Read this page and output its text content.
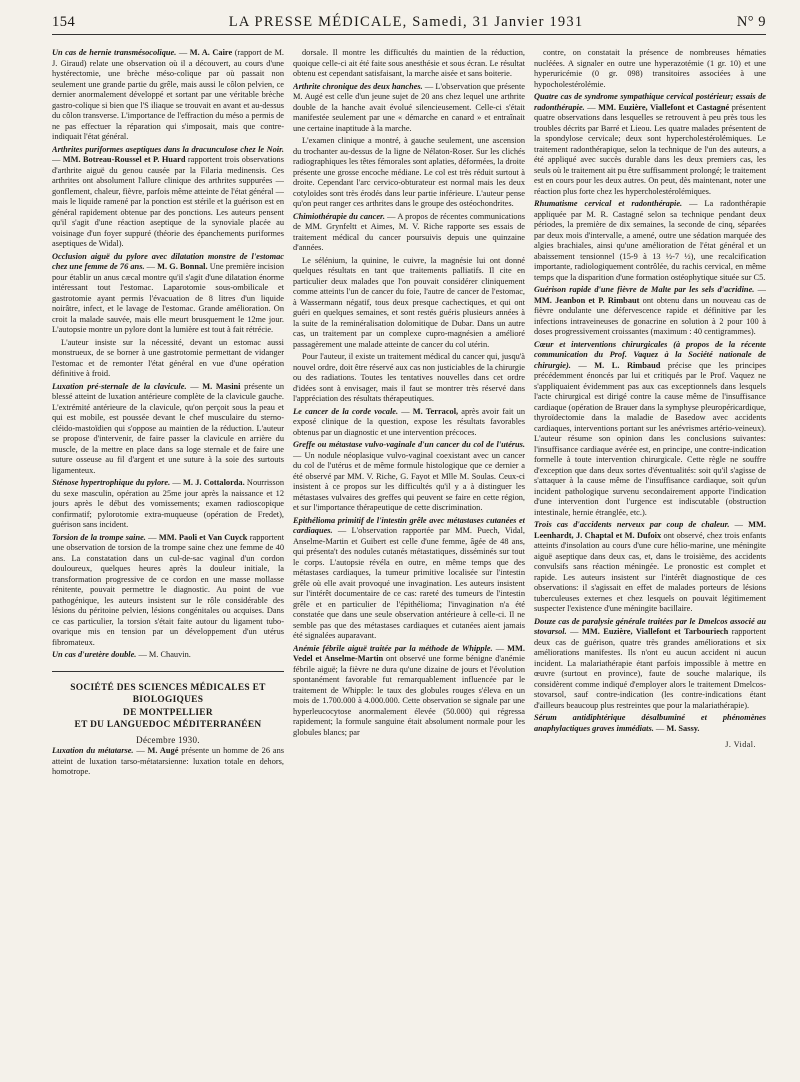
154	LA PRESSE MÉDICALE, Samedi, 31 Janvier 1931	N° 9

Un cas de hernie transmésocolique. — M. A. Caire (rapport de M. J. Giraud) relate une observation où il a découvert, au cours d'une hystérectomie, une brèche méso-colique par où passait non seulement une grande partie du grêle, mais aussi le côlon pelvien, ce dernier anormalement développé et sortant par une véritable brèche gastro-colique si bien que l'S iliaque se trouvait en avant et au-dessus du côlon transverse. L'importance de l'effraction du méso a permis de ne pas effectuer la réparation qui s'imposait, mais que contre-indiquait l'état général.

Arthrites puriformes aseptiques dans la dracunculose chez le Noir.— MM. Botreau-Roussel et P. Huard rapportent trois observations d'arthrite aiguë du genou causée par la Filaria medinensis. Ces arthrites ont absolument l'allure clinique des arthrites suppurées — gonflement, chaleur, fièvre, parfois même atteinte de l'état général — mais le liquide ramené par la ponction est stérile et la guérison est en général rapidement obtenue par des ponctions. Les auteurs pensent qu'il s'agit d'une réaction aseptique de la synoviale placée au voisinage d'un foyer suppuré (théorie des épanchements puriformes aseptiques de Widal).

Occlusion aiguë du pylore avec dilatation monstre de l'estomac chez une femme de 76 ans. — M. G. Bonnal. Une première incision pour établir un anus cæcal montre qu'il s'agit d'une dilatation énorme intéressant tout l'estomac. Laparotomie sous-ombilicale et gastrotomie ayant permis l'évacuation de 8 litres d'un liquide noirâtre, infect, et le lavage de l'estomac. Grande amélioration. On croit la malade sauvée, mais elle meurt brusquement le 12me jour. L'autopsie montre un pylore dont la lumière est tout à fait rétrécie.

L'auteur insiste sur la nécessité, devant un estomac aussi monstrueux, de se borner à une gastrotomie permettant de vidanger l'estomac et de remonter l'état général en vue d'une opération définitive à froid.

Luxation pré-sternale de la clavicule. — M. Masini présente un blessé atteint de luxation antérieure complète de la clavicule gauche. L'extrémité antérieure de la clavicule, qu'on perçoit sous la peau et qui est mobile, est poussée devant le chef musculaire du sterno-cléido-mastoïdien qui s'oppose au maintien de la réduction. L'auteur se propose d'intervenir, de faire passer la clavicule en arrière du muscle, de la mettre en place dans sa loge sternale et de faire une suture osseuse au fil d'argent et une suture à la soie des surtouts ligamenteux.

Sténose hypertrophique du pylore. — M. J. Cottalorda. Nourrisson du sexe masculin, opération au 25me jour après la naissance et 12 jours après le début des vomissements; examen radioscopique confirmatif; pylorotomie extra-muqueuse (opération de Fredet), guérison sans incident.

Torsion de la trompe saine. — MM. Paoli et Van Cuyck rapportent une observation de torsion de la trompe saine chez une femme de 40 ans. La constatation dans un cul-de-sac vaginal d'un cordon douloureux, quelques heures après la douleur initiale, la transformation progressive de ce cordon en une masse mollasse rénitente, pouvait permettre le diagnostic. Au point de vue pathogénique, les auteurs insistent sur le rôle considérable des lésions du péritoine pelvien, lésions congénitales ou acquises. Dans ce cas particulier, la torsion s'était faite autour du ligament tubo-ovarique mis en tension par un développement d'un utérus fibromateux.

Un cas d'uretère double. — M. Chauvin.

SOCIÉTÉ DES SCIENCES MÉDICALES ET BIOLOGIQUES
DE MONTPELLIER
ET DU LANGUEDOC MÉDITERRANÉEN
Décembre 1930.

Luxation du métatarse. — M. Augé présente un homme de 26 ans atteint de luxation tarso-métatarsienne: luxation totale en dehors, homotrope.

dorsale. Il montre les difficultés du maintien de la réduction, quoique celle-ci ait été faite sous anesthésie et sous écran. Le résultat obtenu est cependant satisfaisant, la marche aisée et sans boiterie.

Arthrite chronique des deux hanches. — L'observation que présente M. Augé est celle d'un jeune sujet de 20 ans chez lequel une arthrite double de la hanche avait évolué silencieusement. Celle-ci s'était manifestée seulement par une « démarche en canard » et entraînait une certaine inaptitude à la marche.

L'examen clinique a montré, à gauche seulement, une ascension du trochanter au-dessus de la ligne de Nélaton-Roser. Sur les clichés radiographiques les têtes fémorales sont aplaties, déformées, la droite présente une grosse encoche médiane. Le col est très réduit surtout à droite. Cependant l'arc cervico-obturateur est normal mais les deux cotyloïdes sont très érodés dans leur partie inférieure. L'auteur pense qu'on peut ranger ces arthrites dans le groupe des ostéochondrites.

Chimiothérapie du cancer. — A propos de récentes communications de MM. Grynfeltt et Aimes, M. V. Riche rapporte ses essais de traitement médical du cancer poursuivis depuis une quinzaine d'années.

Le sélénium, la quinine, le cuivre, la magnésie lui ont donné quelques résultats en tant que traitements palliatifs. Il cite en particulier deux malades que l'on pouvait considérer cliniquement comme atteints l'un de cancer du foie, l'autre de cancer de l'estomac, à Wassermann négatif, tous deux presque cachectiques, et qui ont guéri en quelques semaines, et sont restés guéris plusieurs années à la suite de la reminéralisation dolomitique de Dubar. Dans un autre cas, un traitement par un complexe cupro-magnésien a amélioré passagèrement une malade atteinte de cancer du col utérin.

Pour l'auteur, il existe un traitement médical du cancer qui, jusqu'à nouvel ordre, doit être réservé aux cas non justiciables de la chirurgie ou des radiations. Toutes les tentatives nouvelles dans cet ordre d'idées sont à envisager, mais il faut se montrer très réservé dans l'appréciation des résultats thérapeutiques.

Le cancer de la corde vocale. — M. Terracol, après avoir fait un exposé clinique de la question, expose les résultats favorables obtenus par un diagnostic et une intervention précoces.

Greffe ou métastase vulvo-vaginale d'un cancer du col de l'utérus. — Un nodule néoplasique vulvo-vaginal coexistant avec un cancer du col de l'utérus et de même formule histologique que ce dernier a été observé par MM. V. Riche, G. Fayot et Mlle M. Soulas. Ceux-ci insistent à ce propos sur les difficultés qu'il y a à distinguer les métastases vulvaires des greffes qui peuvent se faire en cette région, et sur l'importance thérapeutique de cette discrimination.

Epithélioma primitif de l'intestin grêle avec métastases cutanées et cardiaques. — L'observation rapportée par MM. Puech, Vidal, Anselme-Martin et Guibert est celle d'une femme, âgée de 48 ans, qui présenta't des nodules cutanés métastatiques, disséminés sur tout le corps. L'autopsie révéla en outre, en même temps que des métastases cardiaques, la tumeur primitive localisée sur l'intestin grêle où elle avait provoqué une invagination. Les auteurs insistent sur l'intérêt documentaire de ce cas: rareté des tumeurs de l'intestin grêle et en particulier de l'épithélioma; l'invagination n'a été constatée que dans une seule observation antérieure à celle-ci. Il ne semble pas que des métastases cardiaques et cutanées aient jamais été signalées auparavant.

Anémie fébrile aiguë traitée par la méthode de Whipple. — MM. Vedel et Anselme-Martin ont observé une forme bénigne d'anémie fébrile aiguë; la fièvre ne dura qu'une dizaine de jours et l'évolution spontanément favorable fut remarquablement influencée par le traitement de Whipple: le taux des globules rouges s'éleva en un mois de 1.700.000 à 4.000.000. Cette observation se signale par une hyperleucocytose anormalement élevée (50.000) qui régressa rapidement; la formule sanguine était absolument normale pour les globules blancs; par

contre, on constatait la présence de nombreuses hématies nucléées. A signaler en outre une hyperazotémie (1 gr. 10) et une hyperuricémie (0 gr. 098) transitoires associées à une hypocholestérolémie.

Quatre cas de syndrome sympathique cervical postérieur; essais de radonthérapie. — MM. Euzière, Viallefont et Castagné présentent quatre observations dans lesquelles se retrouvent à peu près tous les troubles décrits par Barré et Lieou. Les quatre malades présentent de la spondylose cervicale; deux sont hypercholestérolémiques. Le traitement radonthérapique, selon la technique de l'un des auteurs, a été appliqué avec succès durable dans les deux premiers cas, les seuls où le traitement ait pu être suffisamment prolongé; le traitement est en cours pour les deux autres. On peut, dès maintenant, noter une réaction plus forte chez les hypercholestérolémiques.

Rhumatisme cervical et radonthérapie. — La radonthérapie appliquée par M. R. Castagné selon sa technique pendant deux périodes, la première de dix semaines, la seconde de cinq, séparées par deux mois d'intervalle, a amené, outre une sédation marquée des algies brachiales, ainsi qu'une amélioration de l'état général et un abaissement tensionnel (15-9 à 13 ½-7 ½), une recalcification importante, radiologiquement contrôlée, du rachis cervical, en même temps que la disparition d'une formation ostéophytique située sur C5.

Guérison rapide d'une fièvre de Malte par les sels d'acridine. — MM. Jeanbon et P. Rimbaut ont obtenu dans un nouveau cas de fièvre ondulante une défervescence rapide et définitive par les infections intraveineuses de gonacrine en solution à 2 pour 100 à doses progressivement croissantes (maximum : 40 centigrammes).

Cœur et interventions chirurgicales (à propos de la récente communication du Prof. Vaquez à la Société nationale de chirurgie). — M. L. Rimbaud précise que les principes précédemment énoncés par lui et critiqués par le Prof. Vaquez ne s'appliquaient évidemment pas aux cas exceptionnels dans lesquels l'acte chirurgical est dirigé contre la cause même de l'insuffisance cardiaque (opération de Brauer dans la symphyse pleuropéricardique, thyroïdectomie dans la maladie de Basedow avec accidents cardiaques, interventions portant sur les anévrismes artério-veineux). L'auteur résume son opinion dans les conclusions suivantes: l'insuffisance cardiaque avérée est, en principe, une contre-indication formelle à toute intervention chirurgicale. Cette règle ne souffre d'exception que dans deux sortes d'éventualités: soit qu'il s'agisse de s'attaquer à la cause même de l'insuffisance cardiaque, soit qu'un incident pathologique survenu secondairement apporte l'indication d'une intervention dont l'urgence est indiscutable (obstruction intestinale, hernie étranglée, etc.).

Trois cas d'accidents nerveux par coup de chaleur. — MM. Leenhardt, J. Chaptal et M. Dufoix ont observé, chez trois enfants atteints d'insolation au cours d'une cure hélio-marine, une méningite aiguë aseptique dans deux cas, et, dans le troisième, des accidents convulsifs sans réaction méningée. Le pronostic est complet et rapide. Les auteurs insistent sur l'intérêt diagnostique de ces observations: il s'agissait en effet de malades porteurs de lésions tuberculeuses externes et chez lesquels on pouvait légitimement suspecter l'existence d'une méningite bacillaire.

Douze cas de paralysie générale traitées par le Dmelcos associé au stovarsol. — MM. Euzière, Viallefont et Tarbouriech rapportent deux cas de guérison, quatre très grandes améliorations et six améliorations manifestes. Ils n'ont eu aucun accident ni aucun incident. La malariathérapie étant parfois impossible à mettre en œuvre (surtout en province), faute de souche malarique, ils considèrent comme indiqué d'employer alors le traitement Dmelcos-stovarsol, sauf contre-indication (les contre-indications étant d'ailleurs beaucoup plus restreintes que pour la malariathérapie).

Sérum antidiphtérique désalbuminé et phénomènes anaphylactiques graves immédiats. — M. Sassy.

J. Vidal.
